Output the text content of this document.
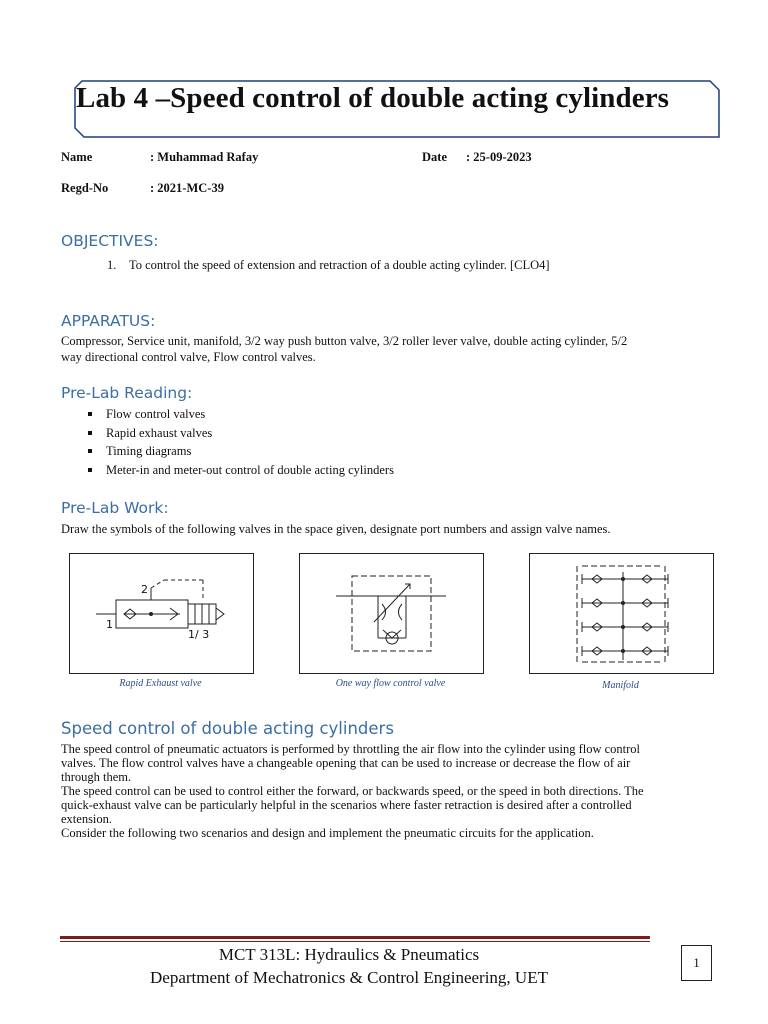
Lab 4 –Speed control of double acting cylinders
Name	: Muhammad Rafay	Date : 25-09-2023
Regd-No	: 2021-MC-39
OBJECTIVES:
1. To control the speed of extension and retraction of a double acting cylinder. [CLO4]
APPARATUS:
Compressor, Service unit, manifold, 3/2 way push button valve, 3/2 roller lever valve, double acting cylinder, 5/2
way directional control valve, Flow control valves.
Pre-Lab Reading:
Flow control valves
Rapid exhaust valves
Timing diagrams
Meter-in and meter-out control of double acting cylinders
Pre-Lab Work:
Draw the symbols of the following valves in the space given, designate port numbers and assign valve names.
2
1
1/ 3
Rapid Exhaust valve	One way flow control valve	Manifold
Speed control of double acting cylinders
The speed control of pneumatic actuators is performed by throttling the air flow into the cylinder using flow control
valves. The flow control valves have a changeable opening that can be used to increase or decrease the flow of air
through them.
The speed control can be used to control either the forward, or backwards speed, or the speed in both directions. The
quick-exhaust valve can be particularly helpful in the scenarios where faster retraction is desired after a controlled
extension.
Consider the following two scenarios and design and implement the pneumatic circuits for the application.
MCT 313L: Hydraulics & Pneumatics
Department of Mechatronics & Control Engineering, UET
1
